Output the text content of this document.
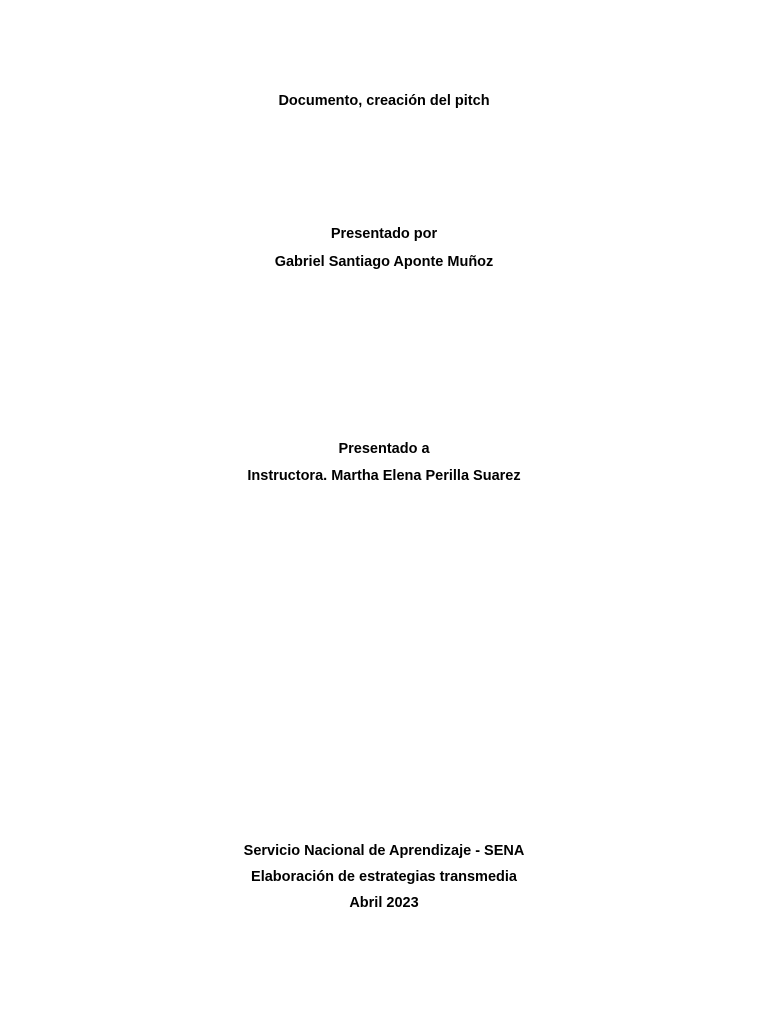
Documento, creación del pitch
Presentado por
Gabriel Santiago Aponte Muñoz
Presentado a
Instructora. Martha Elena Perilla Suarez
Servicio Nacional de Aprendizaje - SENA
Elaboración de estrategias transmedia
Abril 2023
